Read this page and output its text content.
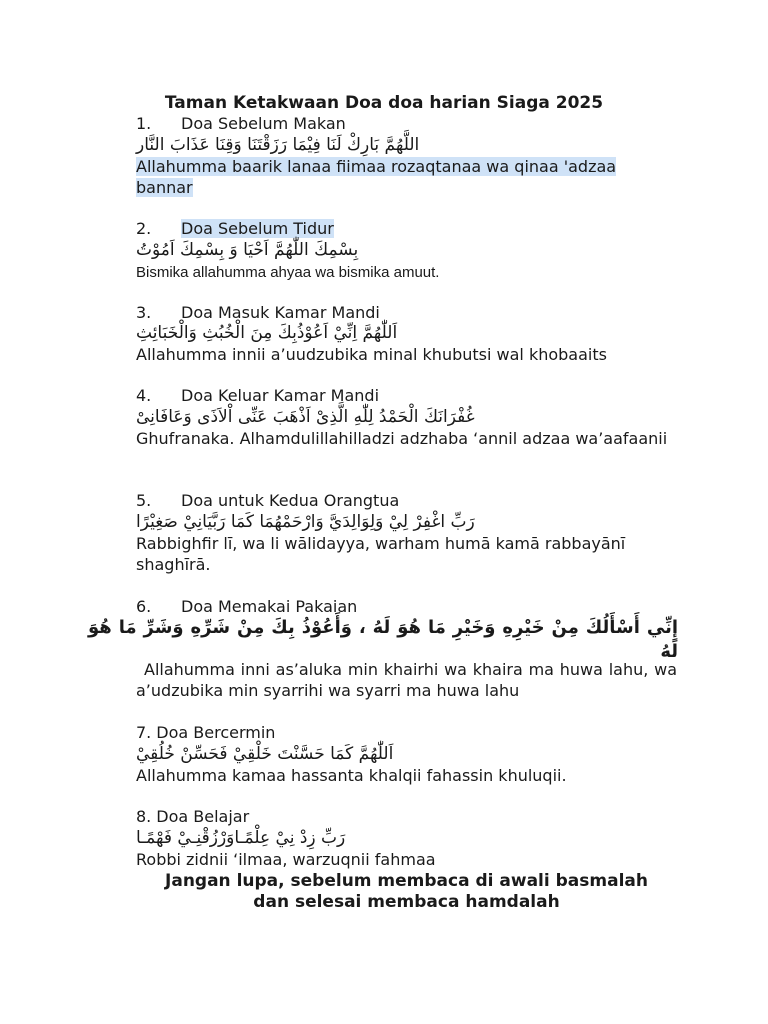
Taman Ketakwaan Doa doa harian Siaga 2025
1. Doa Sebelum Makan
اللَّهُمَّ بَارِكْ لَنَا فِيْمَا رَزَقْتَنَا وَقِنَا عَذَابَ النَّار
Allahumma baarik lanaa fiimaa rozaqtanaa wa qinaa 'adzaa bannar
2. Doa Sebelum Tidur
بِسْمِكَ اللّٰهُمَّ اَحْيَا وَ بِسْمِكَ اَمُوْتُ
Bismika allahumma ahyaa wa bismika amuut.
3. Doa Masuk Kamar Mandi
اَللّٰهُمَّ اِنِّيْ اَعُوْذُبِكَ مِنَ الْخُبُثِ وَالْخَبَائِثِ
Allahumma innii a’uudzubika minal khubutsi wal khobaaits
4. Doa Keluar Kamar Mandi
غُفْرَانَكَ الْحَمْدُ لِلّٰهِ الَّذِىْ اَذْهَبَ عَنِّى اْلاَذَى وَعَافَانِىْ
Ghufranaka. Alhamdulillahilladzi adzhaba ‘annil adzaa wa’aafaanii
5. Doa untuk Kedua Orangtua
رَبِّ اغْفِرْ لِيْ وَلِوَالِدَيَّ وَارْحَمْهُمَا كَمَا رَبَّيَانِيْ صَغِيْرًا
Rabbighfir lī, wa li wālidayya, warham humā kamā rabbayānī shaghīrā.
6. Doa Memakai Pakaian
إِنِّي أَسْأَلُكَ مِنْ خَيْرِهِ وَخَيْرِ مَا هُوَ لَهُ ، وَأَعُوْذُ بِكَ مِنْ شَرِّهِ وَشَرِّ مَا هُوَ لَهُ
Allahumma inni as’aluka min khairhi wa khaira ma huwa lahu, wa a’udzubika min syarrihi wa syarri ma huwa lahu
7. Doa Bercermin
اَللّٰهُمَّ كَمَا حَسَّنْتَ خَلْقِيْ فَحَسِّنْ خُلُقِيْ
Allahumma kamaa hassanta khalqii fahassin khuluqii.
8. Doa Belajar
رَبِّ زِدْ نِيْ عِلْمًـاوَرْزُقْنِـيْ فَهْمًـا
Robbi zidnii ‘ilmaa, warzuqnii fahmaa
Jangan lupa, sebelum membaca di awali basmalah
dan selesai membaca hamdalah
